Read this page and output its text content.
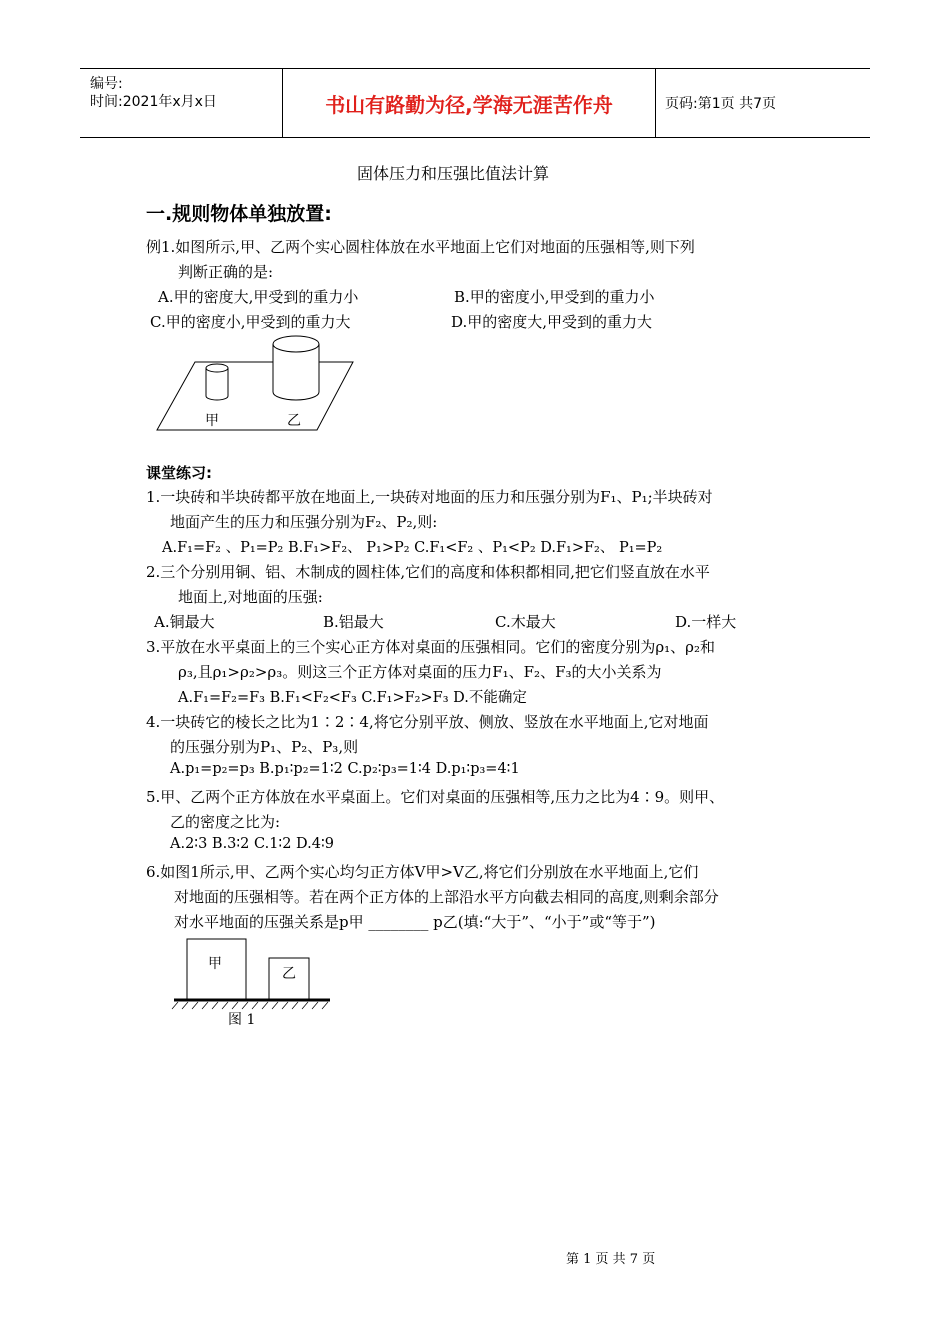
编号:
时间:2021年x月x日	书山有路勤为径,学海无涯苦作舟	页码:第1页 共7页
固体压力和压强比值法计算
一.规则物体单独放置:
例1.如图所示,甲、乙两个实心圆柱体放在水平地面上它们对地面的压强相等,则下列
判断正确的是:
A.甲的密度大,甲受到的重力小	B.甲的密度小,甲受到的重力小
C.甲的密度小,甲受到的重力大	D.甲的密度大,甲受到的重力大
甲	乙
课堂练习:
1.一块砖和半块砖都平放在地面上,一块砖对地面的压力和压强分别为F₁、P₁;半块砖对
地面产生的压力和压强分别为F₂、P₂,则:
A.F₁=F₂ 、P₁=P₂ B.F₁>F₂、 P₁>P₂ C.F₁<F₂ 、P₁<P₂ D.F₁>F₂、 P₁=P₂
2.三个分别用铜、铝、木制成的圆柱体,它们的高度和体积都相同,把它们竖直放在水平
地面上,对地面的压强:
A.铜最大	B.铝最大	C.木最大	D.一样大
3.平放在水平桌面上的三个实心正方体对桌面的压强相同。它们的密度分别为ρ₁、ρ₂和
ρ₃,且ρ₁>ρ₂>ρ₃。则这三个正方体对桌面的压力F₁、F₂、F₃的大小关系为
A.F₁=F₂=F₃ B.F₁<F₂<F₃ C.F₁>F₂>F₃ D.不能确定
4.一块砖它的棱长之比为1∶2∶4,将它分别平放、侧放、竖放在水平地面上,它对地面
的压强分别为P₁、P₂、P₃,则
A.p₁=p₂=p₃ B.p₁∶p₂=1∶2 C.p₂∶p₃=1∶4 D.p₁∶p₃=4∶1
5.甲、乙两个正方体放在水平桌面上。它们对桌面的压强相等,压力之比为4∶9。则甲、
乙的密度之比为:
A.2∶3 B.3∶2 C.1∶2 D.4∶9
6.如图1所示,甲、乙两个实心均匀正方体V甲>V乙,将它们分别放在水平地面上,它们
对地面的压强相等。若在两个正方体的上部沿水平方向截去相同的高度,则剩余部分
对水平地面的压强关系是p甲 ________ p乙(填:“大于”、“小于”或“等于”)
甲
乙
图 1
第 1 页 共 7 页
